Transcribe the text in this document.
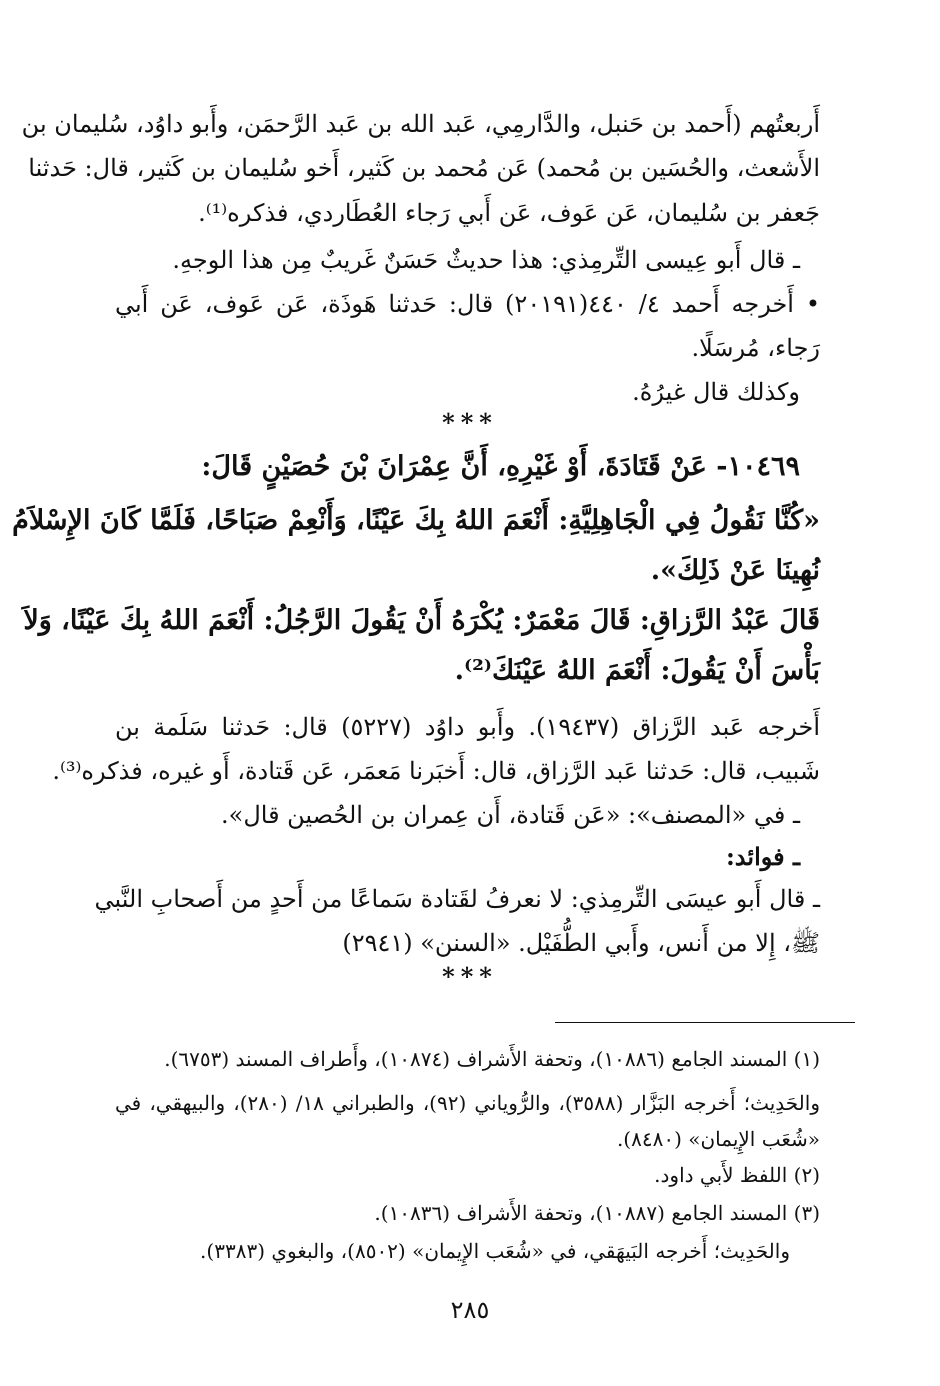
أَربعتُهم (أَحمد بن حَنبل، والدَّارمِي، عَبد الله بن عَبد الرَّحمَن، وأَبو داوُد، سُليمان بن
الأَشعث، والحُسَين بن مُحمد) عَن مُحمد بن كَثير، أَخو سُليمان بن كَثير، قال: حَدثنا
جَعفر بن سُليمان، عَن عَوف، عَن أَبي رَجاء العُطَاردي، فذكره⁽¹⁾.
ـ قال أَبو عِيسى التِّرمِذي: هذا حديثٌ حَسَنٌ غَريبٌ مِن هذا الوجهِ.
• أَخرجه أَحمد ٤/ ٤٤٠(٢٠١٩١) قال: حَدثنا هَوذَة، عَن عَوف، عَن أَبي
رَجاء، مُرسَلًا.
وكذلك قال غيرُهُ.
***
١٠٤٦٩- عَنْ قَتَادَةَ، أَوْ غَيْرِهِ، أَنَّ عِمْرَانَ بْنَ حُصَيْنٍ قَالَ:
«كُنَّا نَقُولُ فِي الْجَاهِلِيَّةِ: أَنْعَمَ اللهُ بِكَ عَيْنًا، وَأَنْعِمْ صَبَاحًا، فَلَمَّا كَانَ الإِسْلاَمُ
نُهِينَا عَنْ ذَلِكَ».
قَالَ عَبْدُ الرَّزاقِ: قَالَ مَعْمَرٌ: يُكْرَهُ أَنْ يَقُولَ الرَّجُلُ: أَنْعَمَ اللهُ بِكَ عَيْنًا، وَلاَ
بَأْسَ أَنْ يَقُولَ: أَنْعَمَ اللهُ عَيْنَكَ⁽²⁾.
أَخرجه عَبد الرَّزاق (١٩٤٣٧). وأَبو داوُد (٥٢٢٧) قال: حَدثنا سَلَمة بن
شَبيب، قال: حَدثنا عَبد الرَّزاق، قال: أَخبَرنا مَعمَر، عَن قَتادة، أَو غيره، فذكره⁽³⁾.
ـ في «المصنف»: «عَن قَتادة، أَن عِمران بن الحُصين قال».
ـ فوائد:
ـ قال أَبو عيسَى التِّرمِذي: لا نعرفُ لقَتادة سَماعًا من أَحدٍ من أَصحابِ النَّبي
ﷺ، إِلا من أَنس، وأَبي الطُّفَيْل. «السنن» (٢٩٤١)
***
(١) المسند الجامع (١٠٨٨٦)، وتحفة الأَشراف (١٠٨٧٤)، وأَطراف المسند (٦٧٥٣).
والحَدِيث؛ أَخرجه البَزَّار (٣٥٨٨)، والرُّوياني (٩٢)، والطبراني ١٨/ (٢٨٠)، والبيهقي، في
«شُعَب الإِيمان» (٨٤٨٠).
(٢) اللفظ لأَبي داود.
(٣) المسند الجامع (١٠٨٨٧)، وتحفة الأَشراف (١٠٨٣٦).
والحَدِيث؛ أَخرجه البَيهَقي، في «شُعَب الإِيمان» (٨٥٠٢)، والبغوي (٣٣٨٣).
٢٨٥
